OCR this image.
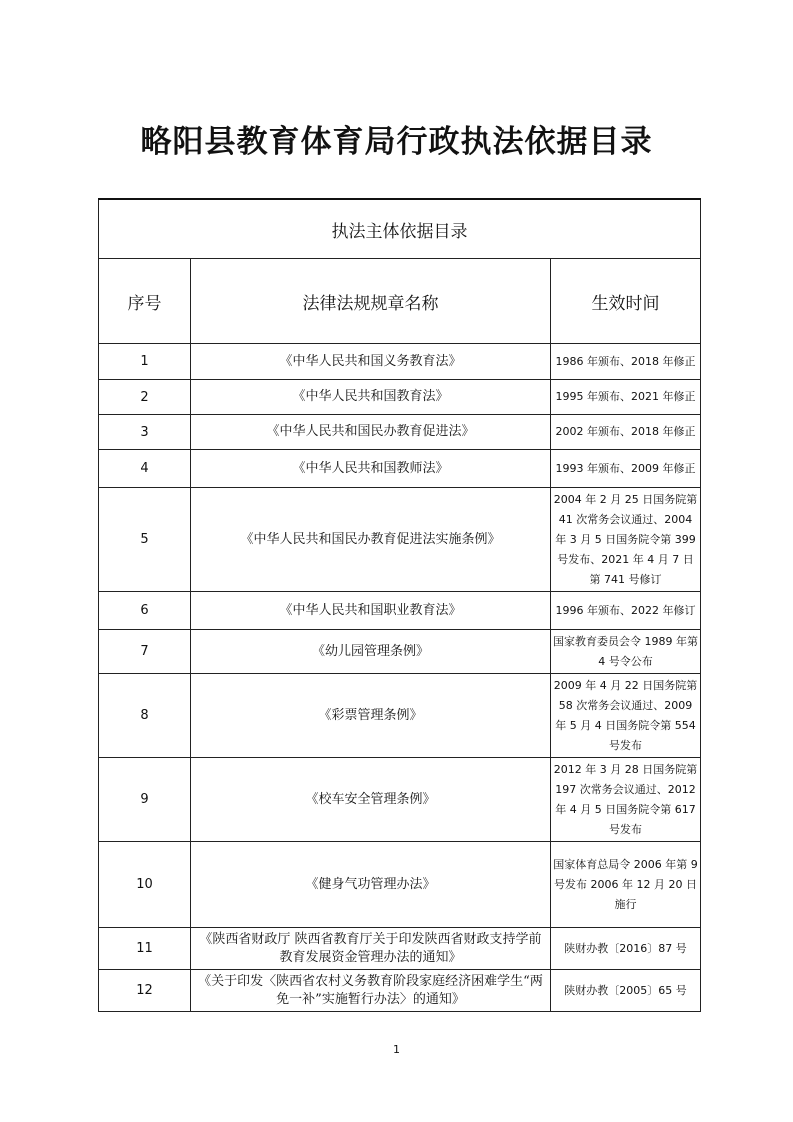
略阳县教育体育局行政执法依据目录
执法主体依据目录		
序号	法律法规规章名称	生效时间
1	《中华人民共和国义务教育法》	1986 年颁布、2018 年修正
2	《中华人民共和国教育法》	1995 年颁布、2021 年修正
3	《中华人民共和国民办教育促进法》	2002 年颁布、2018 年修正
4	《中华人民共和国教师法》	1993 年颁布、2009 年修正
5	《中华人民共和国民办教育促进法实施条例》	2004 年 2 月 25 日国务院第 41 次常务会议通过、2004 年 3 月 5 日国务院令第 399 号发布、2021 年 4 月 7 日第 741 号修订
6	《中华人民共和国职业教育法》	1996 年颁布、2022 年修订
7	《幼儿园管理条例》	国家教育委员会令 1989 年第 4 号令公布
8	《彩票管理条例》	2009 年 4 月 22 日国务院第 58 次常务会议通过、2009 年 5 月 4 日国务院令第 554 号发布
9	《校车安全管理条例》	2012 年 3 月 28 日国务院第 197 次常务会议通过、2012 年 4 月 5 日国务院令第 617 号发布
10	《健身气功管理办法》	国家体育总局令 2006 年第 9 号发布 2006 年 12 月 20 日施行
11	《陕西省财政厅 陕西省教育厅关于印发陕西省财政支持学前教育发展资金管理办法的通知》	陕财办教〔2016〕87 号
12	《关于印发〈陕西省农村义务教育阶段家庭经济困难学生“两免一补”实施暂行办法〉的通知》	陕财办教〔2005〕65 号
1
